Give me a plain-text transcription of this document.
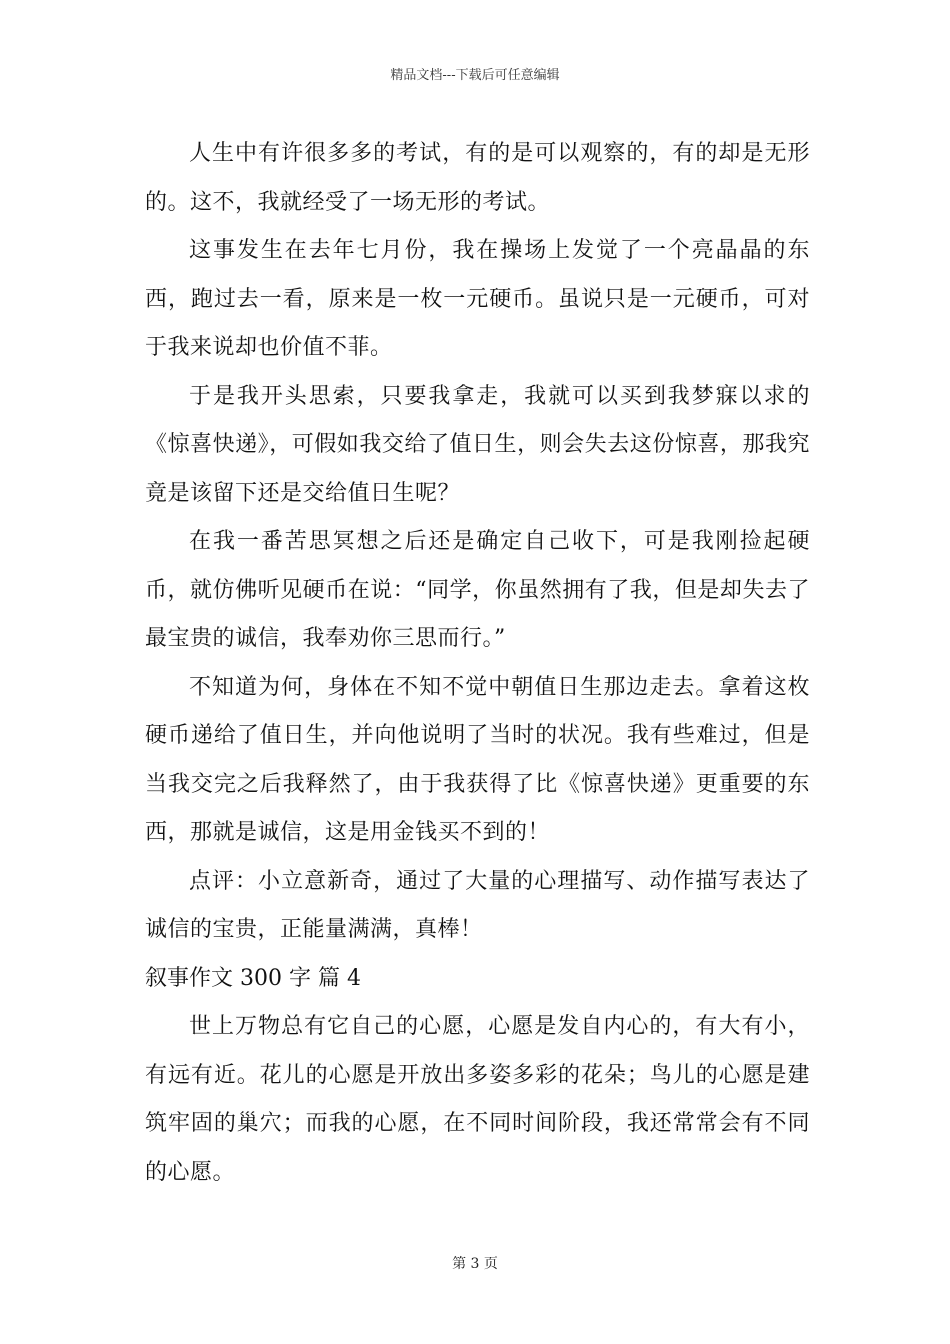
精品文档---下载后可任意编辑

人生中有许很多多的考试，有的是可以观察的，有的却是无形的。这不，我就经受了一场无形的考试。

这事发生在去年七月份，我在操场上发觉了一个亮晶晶的东西，跑过去一看，原来是一枚一元硬币。虽说只是一元硬币，可对于我来说却也价值不菲。

于是我开头思索，只要我拿走，我就可以买到我梦寐以求的《惊喜快递》，可假如我交给了值日生，则会失去这份惊喜，那我究竟是该留下还是交给值日生呢？

在我一番苦思冥想之后还是确定自己收下，可是我刚捡起硬币，就仿佛听见硬币在说：“同学，你虽然拥有了我，但是却失去了最宝贵的诚信，我奉劝你三思而行。”

不知道为何，身体在不知不觉中朝值日生那边走去。拿着这枚硬币递给了值日生，并向他说明了当时的状况。我有些难过，但是当我交完之后我释然了，由于我获得了比《惊喜快递》更重要的东西，那就是诚信，这是用金钱买不到的！

点评：小立意新奇，通过了大量的心理描写、动作描写表达了诚信的宝贵，正能量满满，真棒！

叙事作文 300 字 篇 4

世上万物总有它自己的心愿，心愿是发自内心的，有大有小，有远有近。花儿的心愿是开放出多姿多彩的花朵；鸟儿的心愿是建筑牢固的巢穴；而我的心愿，在不同时间阶段，我还常常会有不同的心愿。

第 3 页
